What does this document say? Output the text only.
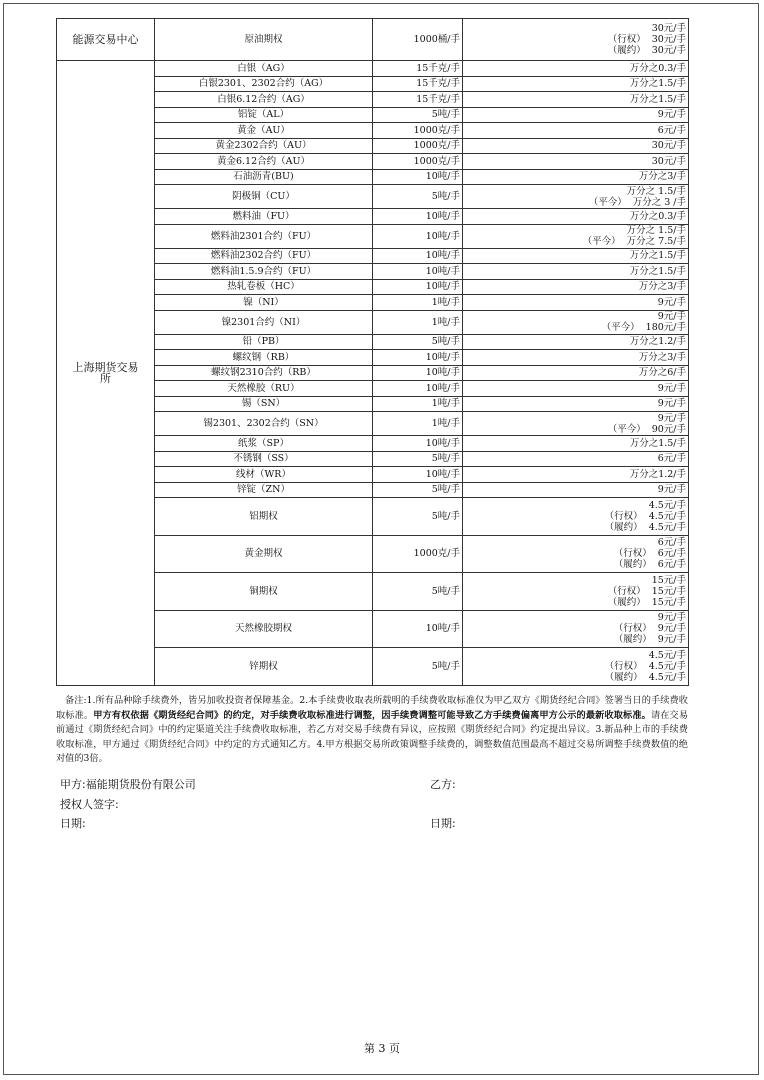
能源交易中心	原油期权	1000桶/手	30元/手
（行权） 30元/手
（履约） 30元/手

上海期货交易所	白银（AG）	15千克/手	万分之0.3/手

	白银2301、2302合约（AG）	15千克/手	万分之1.5/手

	白银6.12合约（AG）	15千克/手	万分之1.5/手

	铝锭（AL）	5吨/手	9元/手

	黄金（AU）	1000克/手	6元/手

	黄金2302合约（AU）	1000克/手	30元/手

	黄金6.12合约（AU）	1000克/手	30元/手

	石油沥青(BU)	10吨/手	万分之3/手

	阴极铜（CU）	5吨/手	万分之 1.5/手
（平今） 万分之 3 /手

	燃料油（FU）	10吨/手	万分之0.3/手

	燃料油2301合约（FU）	10吨/手	万分之 1.5/手
（平今） 万分之 7.5/手

	燃料油2302合约（FU）	10吨/手	万分之1.5/手

	燃料油1.5.9合约（FU）	10吨/手	万分之1.5/手

	热轧卷板（HC）	10吨/手	万分之3/手

	镍（NI）	1吨/手	9元/手

	镍2301合约（NI）	1吨/手	9元/手
（平今） 180元/手

	铅（PB）	5吨/手	万分之1.2/手

	螺纹钢（RB）	10吨/手	万分之3/手

	螺纹钢2310合约（RB）	10吨/手	万分之6/手

	天然橡胶（RU）	10吨/手	9元/手

	锡（SN）	1吨/手	9元/手

	锡2301、2302合约（SN）	1吨/手	9元/手
（平今） 90元/手

	纸浆（SP）	10吨/手	万分之1.5/手

	不锈钢（SS）	5吨/手	6元/手

	线材（WR）	10吨/手	万分之1.2/手

	锌锭（ZN）	5吨/手	9元/手

	铝期权	5吨/手	4.5元/手
（行权） 4.5元/手
（履约） 4.5元/手

	黄金期权	1000克/手	6元/手
（行权） 6元/手
（履约） 6元/手

	铜期权	5吨/手	15元/手
（行权） 15元/手
（履约） 15元/手

	天然橡胶期权	10吨/手	9元/手
（行权） 9元/手
（履约） 9元/手

	锌期权	5吨/手	4.5元/手
（行权） 4.5元/手
（履约） 4.5元/手
备注:1.所有品种除手续费外，皆另加收投资者保障基金。2.本手续费收取表所载明的手续费收取标准仅为甲乙双方《期货经纪合同》签署当日的手续费收取标准。甲方有权依据《期货经纪合同》的约定，对手续费收取标准进行调整，因手续费调整可能导致乙方手续费偏离甲方公示的最新收取标准。请在交易前通过《期货经纪合同》中的约定渠道关注手续费收取标准，若乙方对交易手续费有异议，应按照《期货经纪合同》约定提出异议。3.新品种上市的手续费收取标准，甲方通过《期货经纪合同》中约定的方式通知乙方。4.甲方根据交易所政策调整手续费的，调整数值范围最高不超过交易所调整手续费数值的绝对值的3倍。
甲方:福能期货股份有限公司	乙方:
授权人签字:
日期:	日期:
第 3 页
